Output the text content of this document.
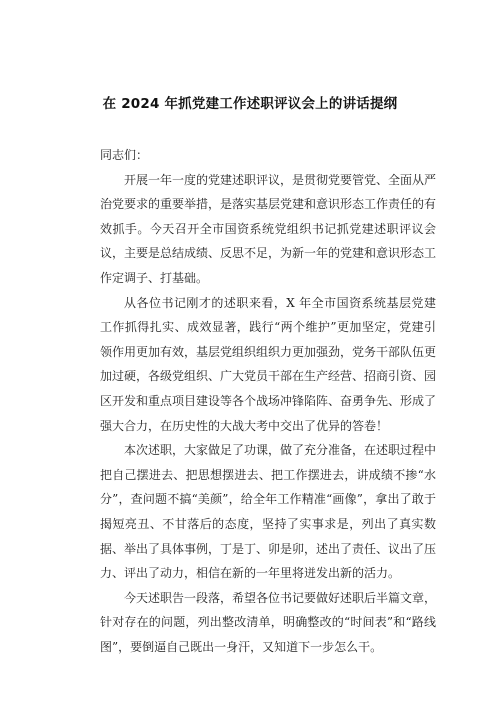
在 2024 年抓党建工作述职评议会上的讲话提纲

同志们：

开展一年一度的党建述职评议，是贯彻党要管党、全面从严治党要求的重要举措，是落实基层党建和意识形态工作责任的有效抓手。今天召开全市国资系统党组织书记抓党建述职评议会议，主要是总结成绩、反思不足，为新一年的党建和意识形态工作定调子、打基础。

从各位书记刚才的述职来看，X 年全市国资系统基层党建工作抓得扎实、成效显著，践行“两个维护”更加坚定，党建引领作用更加有效，基层党组织组织力更加强劲，党务干部队伍更加过硬，各级党组织、广大党员干部在生产经营、招商引资、园区开发和重点项目建设等各个战场冲锋陷阵、奋勇争先、形成了强大合力，在历史性的大战大考中交出了优异的答卷！

本次述职，大家做足了功课，做了充分准备，在述职过程中把自己摆进去、把思想摆进去、把工作摆进去，讲成绩不掺“水分”，查问题不搞“美颜”，给全年工作精准“画像”，拿出了敢于揭短亮丑、不甘落后的态度，坚持了实事求是，列出了真实数据、举出了具体事例，丁是丁、卯是卯，述出了责任、议出了压力、评出了动力，相信在新的一年里将迸发出新的活力。

今天述职告一段落，希望各位书记要做好述职后半篇文章，针对存在的问题，列出整改清单，明确整改的“时间表”和“路线图”，要倒逼自己既出一身汗，又知道下一步怎么干。
